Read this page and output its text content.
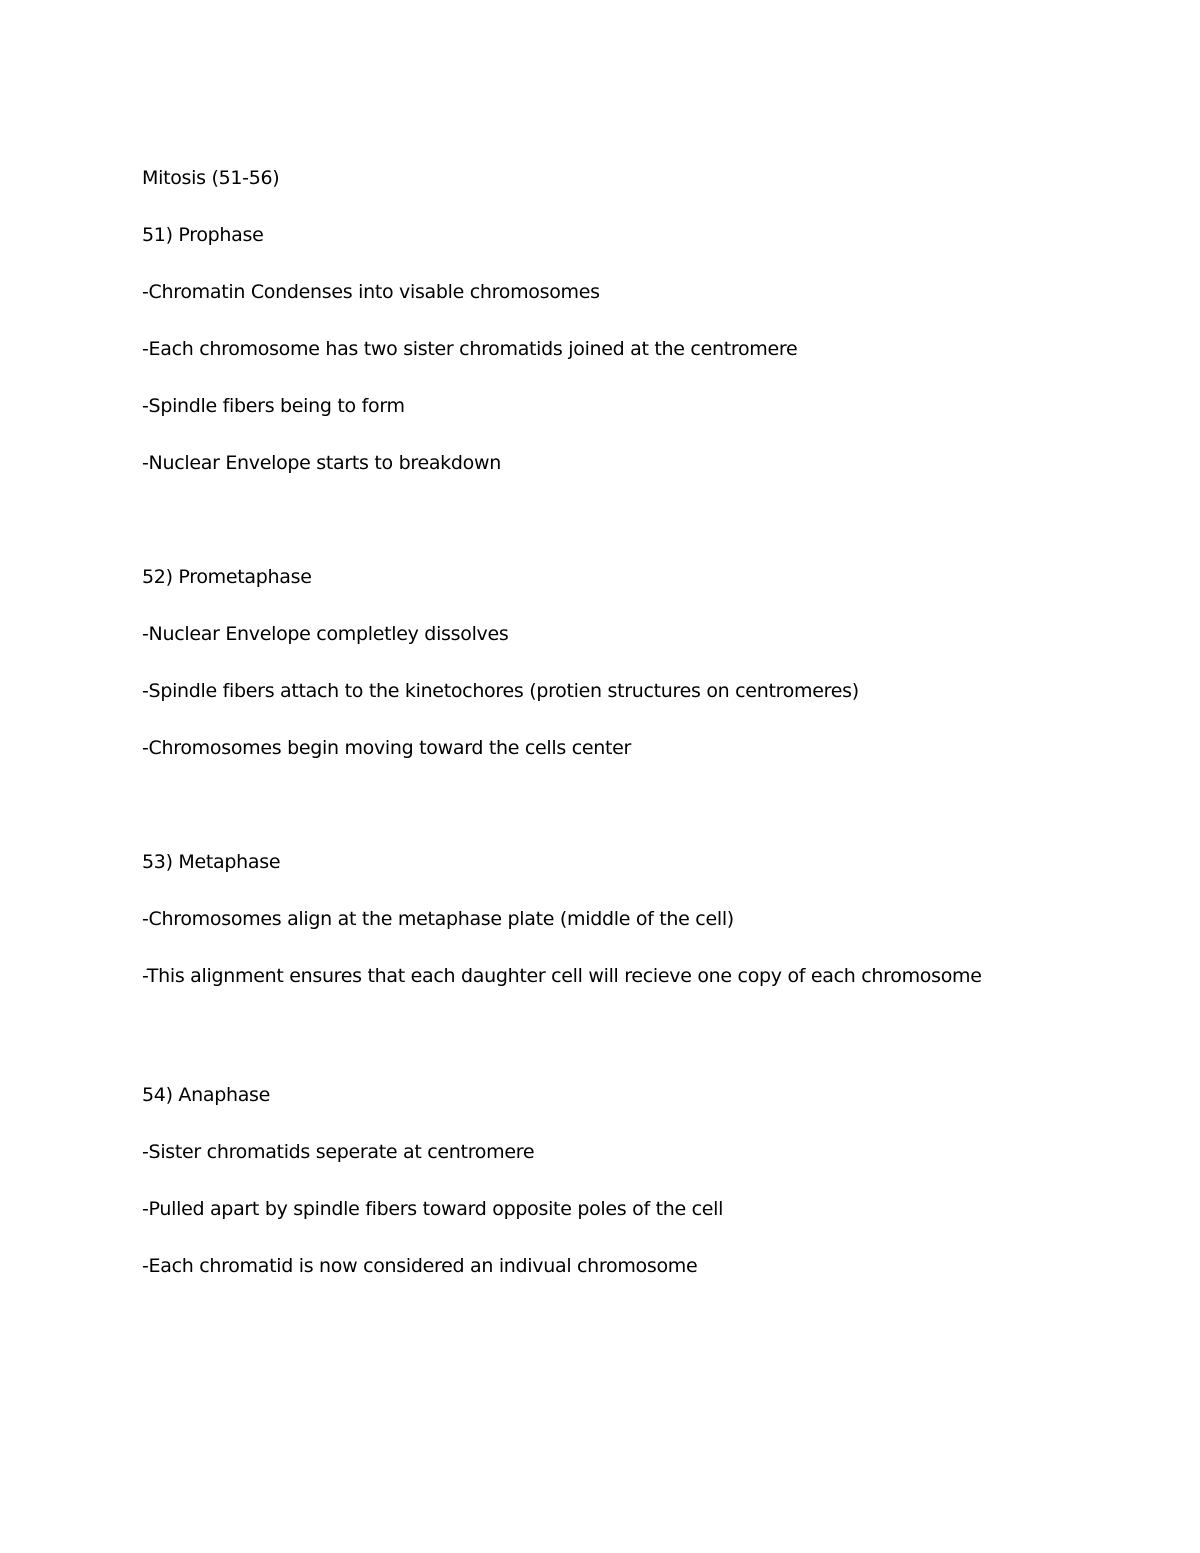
Mitosis (51-56)
51) Prophase
-Chromatin Condenses into visable chromosomes
-Each chromosome has two sister chromatids joined at the centromere
-Spindle fibers being to form
-Nuclear Envelope starts to breakdown
52) Prometaphase
-Nuclear Envelope completley dissolves
-Spindle fibers attach to the kinetochores (protien structures on centromeres)
-Chromosomes begin moving toward the cells center
53) Metaphase
-Chromosomes align at the metaphase plate (middle of the cell)
-This alignment ensures that each daughter cell will recieve one copy of each chromosome
54) Anaphase
-Sister chromatids seperate at centromere
-Pulled apart by spindle fibers toward opposite poles of the cell
-Each chromatid is now considered an indivual chromosome
